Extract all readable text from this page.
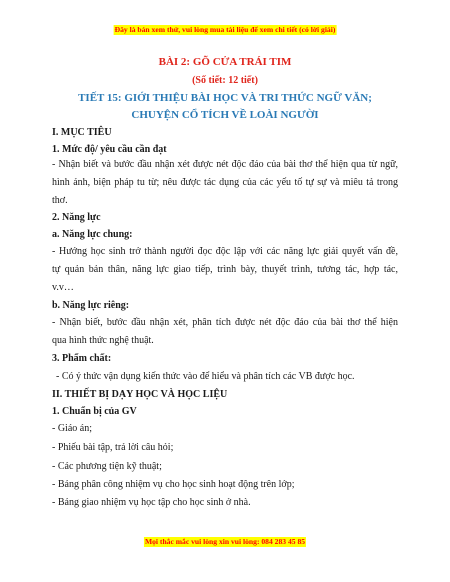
Đây là bản xem thử, vui lòng mua tài liệu để xem chi tiết (có lời giải)
BÀI 2: GÕ CỬA TRÁI TIM
(Số tiết: 12 tiết)
TIẾT 15: GIỚI THIỆU BÀI HỌC VÀ TRI THỨC NGỮ VĂN;
CHUYỆN CỔ TÍCH VỀ LOÀI NGƯỜI
I. MỤC TIÊU
1. Mức độ/ yêu cầu cần đạt
- Nhận biết và bước đầu nhận xét được nét độc đáo của bài thơ thể hiện qua từ ngữ,
hình ảnh, biện pháp tu từ; nêu được tác dụng của các yếu tố tự sự và miêu tả trong
thơ.
2. Năng lực
a. Năng lực chung:
- Hướng học sinh trở thành người đọc độc lập với các năng lực giải quyết vấn đề,
tự quản bản thân, năng lực giao tiếp, trình bày, thuyết trình, tương tác, hợp tác,
v.v…
b. Năng lực riêng:
- Nhận biết, bước đầu nhận xét, phân tích được nét độc đáo của bài thơ thể hiện
qua hình thức nghệ thuật.
3. Phẩm chất:
- Có ý thức vận dụng kiến thức vào để hiểu và phân tích các VB được học.
II. THIẾT BỊ DẠY HỌC VÀ HỌC LIỆU
1. Chuẩn bị của GV
- Giáo án;
- Phiếu bài tập, trả lời câu hỏi;
- Các phương tiện kỹ thuật;
- Bảng phân công nhiệm vụ cho học sinh hoạt động trên lớp;
- Bảng giao nhiệm vụ học tập cho học sinh ở nhà.
Mọi thắc mắc vui lòng xin vui lòng: 084 283 45 85
